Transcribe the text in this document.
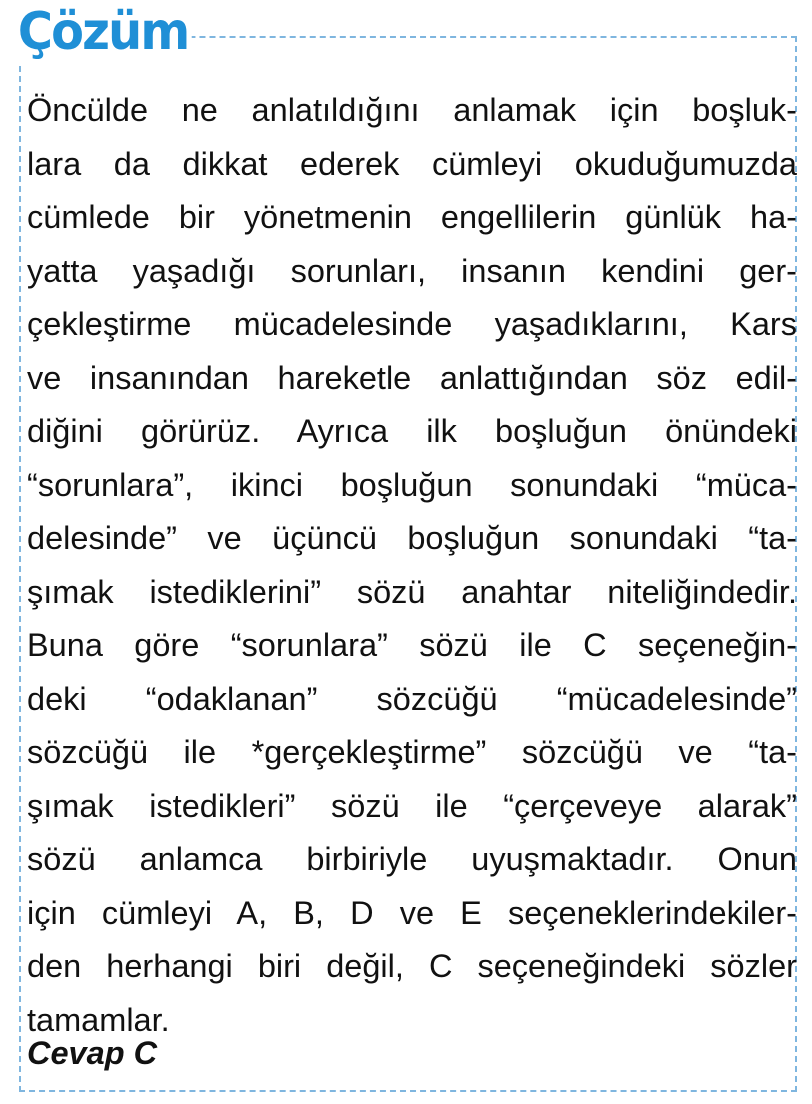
Çözüm
Öncülde ne anlatıldığını anlamak için boşluk-
lara da dikkat ederek cümleyi okuduğumuzda
cümlede bir yönetmenin engellilerin günlük ha-
yatta yaşadığı sorunları, insanın kendini ger-
çekleştirme mücadelesinde yaşadıklarını, Kars
ve insanından hareketle anlattığından söz edil-
diğini görürüz. Ayrıca ilk boşluğun önündeki
“sorunlara”, ikinci boşluğun sonundaki “mücа-
delesinde” ve üçüncü boşluğun sonundaki “ta-
şımak istediklerini” sözü anahtar niteliğindedir.
Buna göre “sorunlara” sözü ile C seçeneğin-
deki “odaklanan” sözcüğü “mücadelesinde”
sözcüğü ile *gerçekleştirme” sözcüğü ve “ta-
şımak istedikleri” sözü ile “çerçeveye alarak”
sözü anlamca birbiriyle uyuşmaktadır. Onun
için cümleyi A, B, D ve E seçeneklerindekiler-
den herhangi biri değil, C seçeneğindeki sözler
tamamlar.

Cevap C
